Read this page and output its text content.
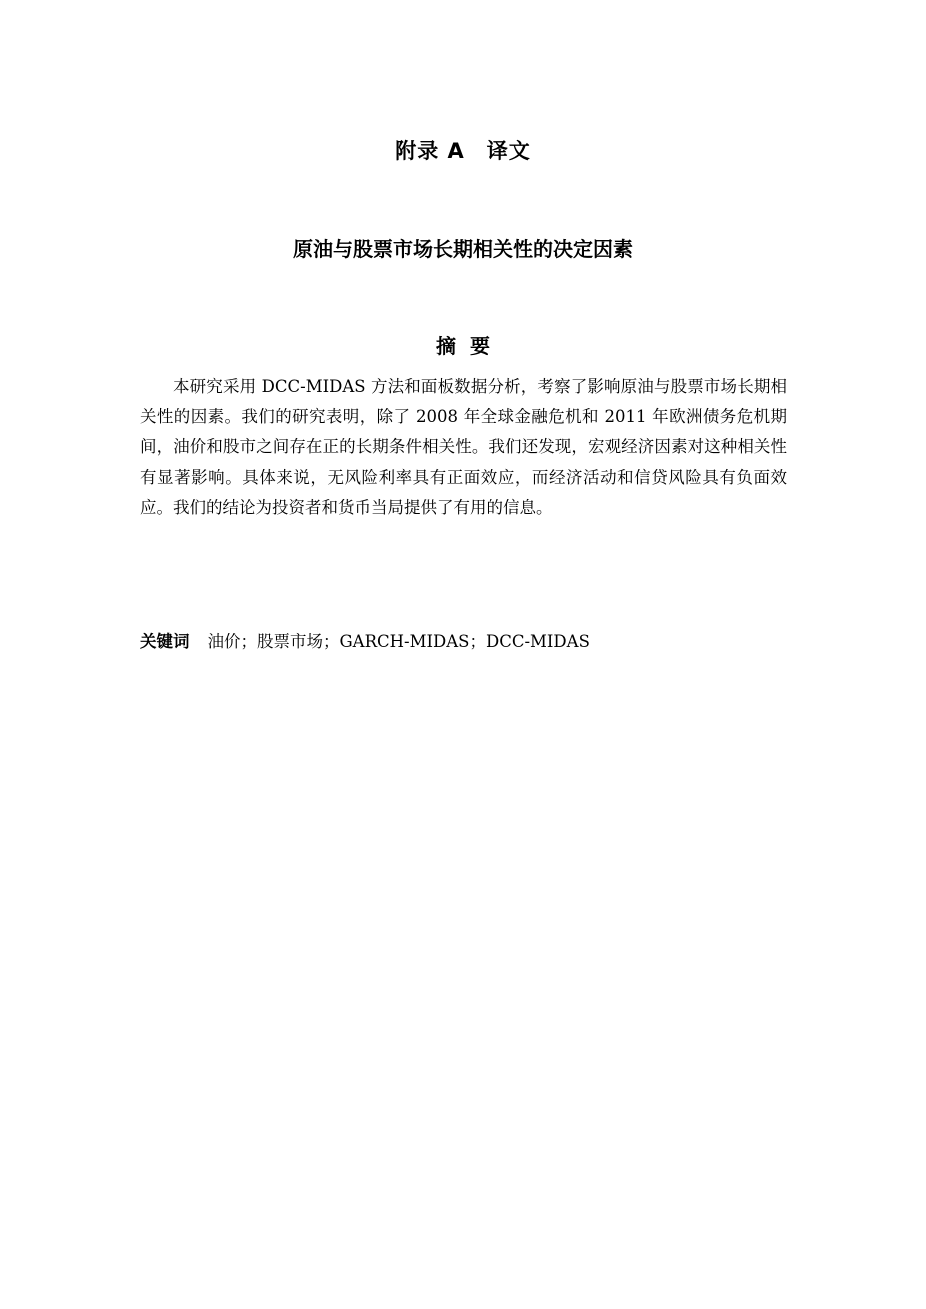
附录 A　译文
原油与股票市场长期相关性的决定因素
摘要

本研究采用 DCC-MIDAS 方法和面板数据分析，考察了影响原油与股票市场长期相关性的因素。我们的研究表明，除了 2008 年全球金融危机和 2011 年欧洲债务危机期间，油价和股市之间存在正的长期条件相关性。我们还发现，宏观经济因素对这种相关性有显著影响。具体来说，无风险利率具有正面效应，而经济活动和信贷风险具有负面效应。我们的结论为投资者和货币当局提供了有用的信息。

关键词 油价；股票市场；GARCH-MIDAS；DCC-MIDAS
